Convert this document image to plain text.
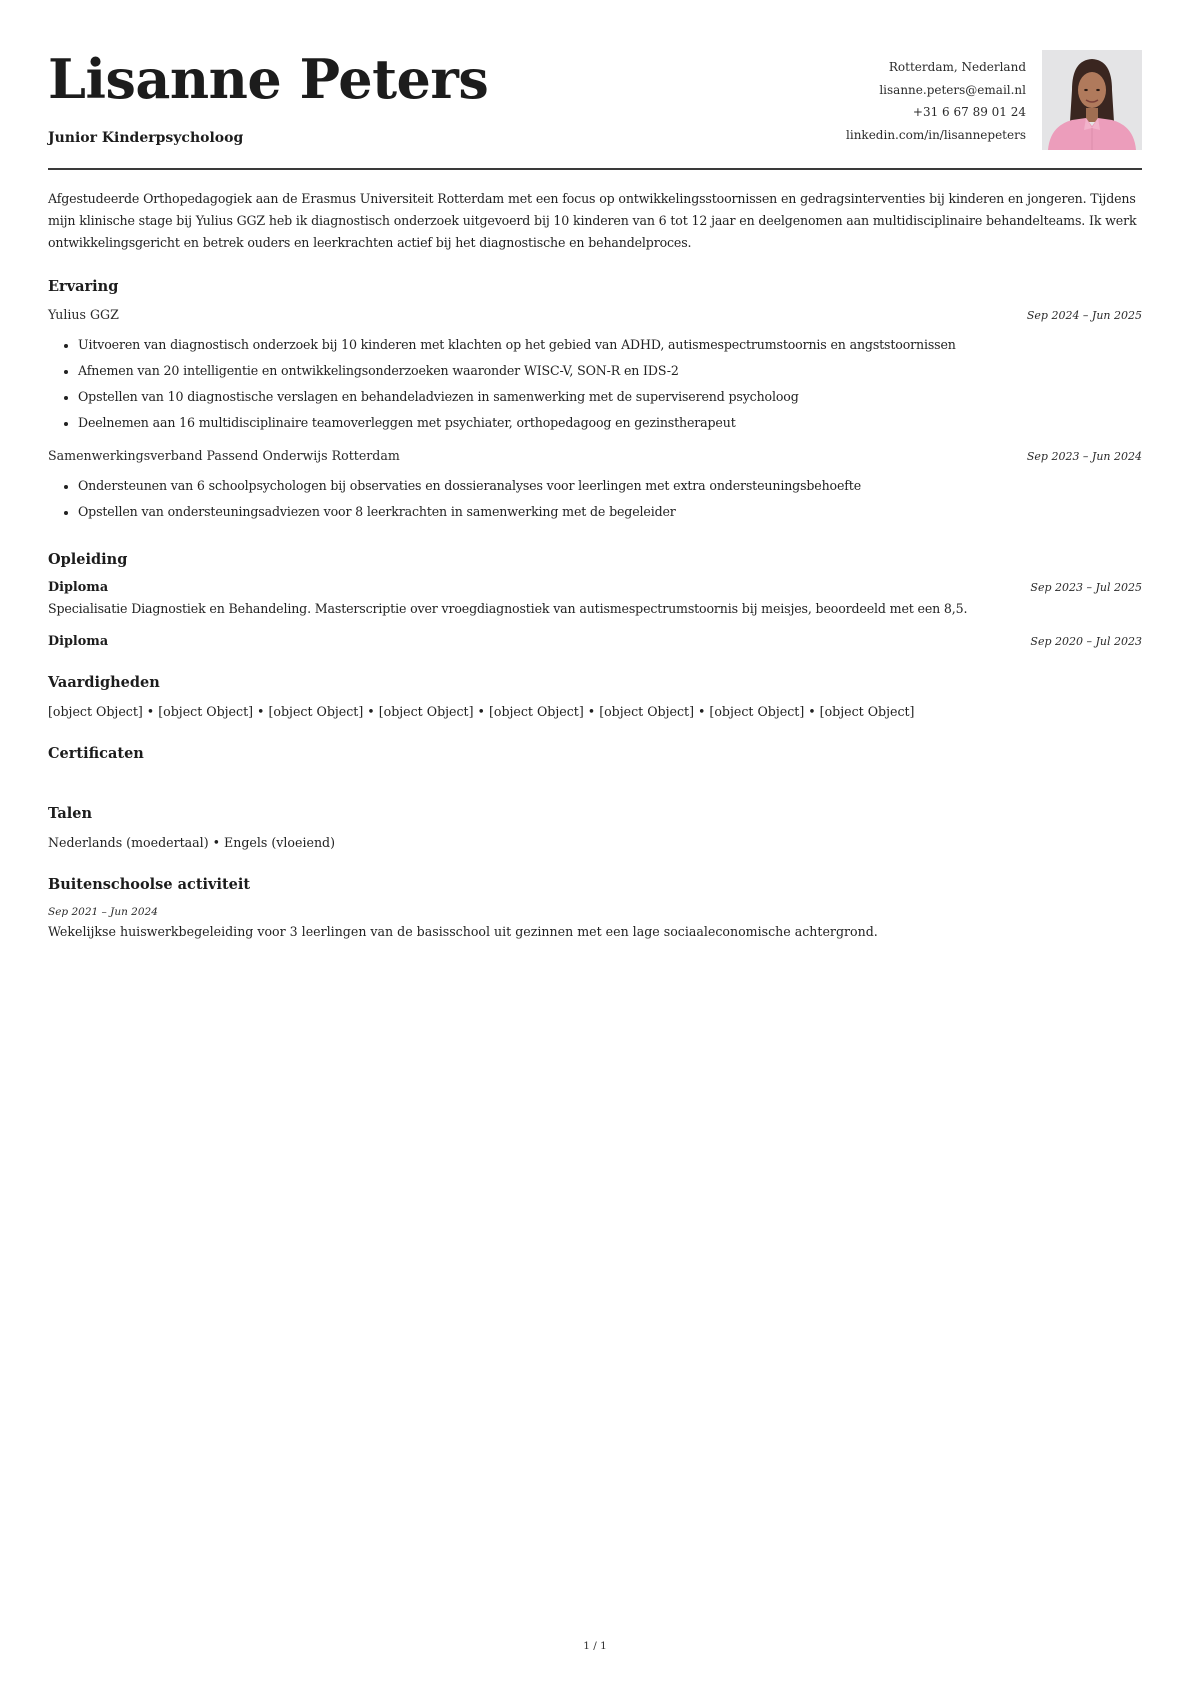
Lisanne Peters
Junior Kinderpsycholoog
Rotterdam, Nederland
lisanne.peters@email.nl
+31 6 67 89 01 24
linkedin.com/in/lisannepeters

Afgestudeerde Orthopedagogiek aan de Erasmus Universiteit Rotterdam met een focus op ontwikkelingsstoornissen en gedragsinterventies bij kinderen en jongeren. Tijdens mijn klinische stage bij Yulius GGZ heb ik diagnostisch onderzoek uitgevoerd bij 10 kinderen van 6 tot 12 jaar en deelgenomen aan multidisciplinaire behandelteams. Ik werk ontwikkelingsgericht en betrek ouders en leerkrachten actief bij het diagnostische en behandelproces.

Ervaring
Yulius GGZ	Sep 2024 – Jun 2025
Uitvoeren van diagnostisch onderzoek bij 10 kinderen met klachten op het gebied van ADHD, autismespectrumstoornis en angststoornissen
Afnemen van 20 intelligentie en ontwikkelingsonderzoeken waaronder WISC-V, SON-R en IDS-2
Opstellen van 10 diagnostische verslagen en behandeladviezen in samenwerking met de superviserend psycholoog
Deelnemen aan 16 multidisciplinaire teamoverleggen met psychiater, orthopedagoog en gezinstherapeut
Samenwerkingsverband Passend Onderwijs Rotterdam	Sep 2023 – Jun 2024
Ondersteunen van 6 schoolpsychologen bij observaties en dossieranalyses voor leerlingen met extra ondersteuningsbehoefte
Opstellen van ondersteuningsadviezen voor 8 leerkrachten in samenwerking met de begeleider
Opleiding
Diploma	Sep 2023 – Jul 2025

Specialisatie Diagnostiek en Behandeling. Masterscriptie over vroegdiagnostiek van autismespectrumstoornis bij meisjes, beoordeeld met een 8,5.

Diploma	Sep 2020 – Jul 2023
Vaardigheden

[object Object] • [object Object] • [object Object] • [object Object] • [object Object] • [object Object] • [object Object] • [object Object]

Certificaten
Talen

Nederlands (moedertaal) • Engels (vloeiend)

Buitenschoolse activiteit
Sep 2021 – Jun 2024

Wekelijkse huiswerkbegeleiding voor 3 leerlingen van de basisschool uit gezinnen met een lage sociaaleconomische achtergrond.

1 / 1
